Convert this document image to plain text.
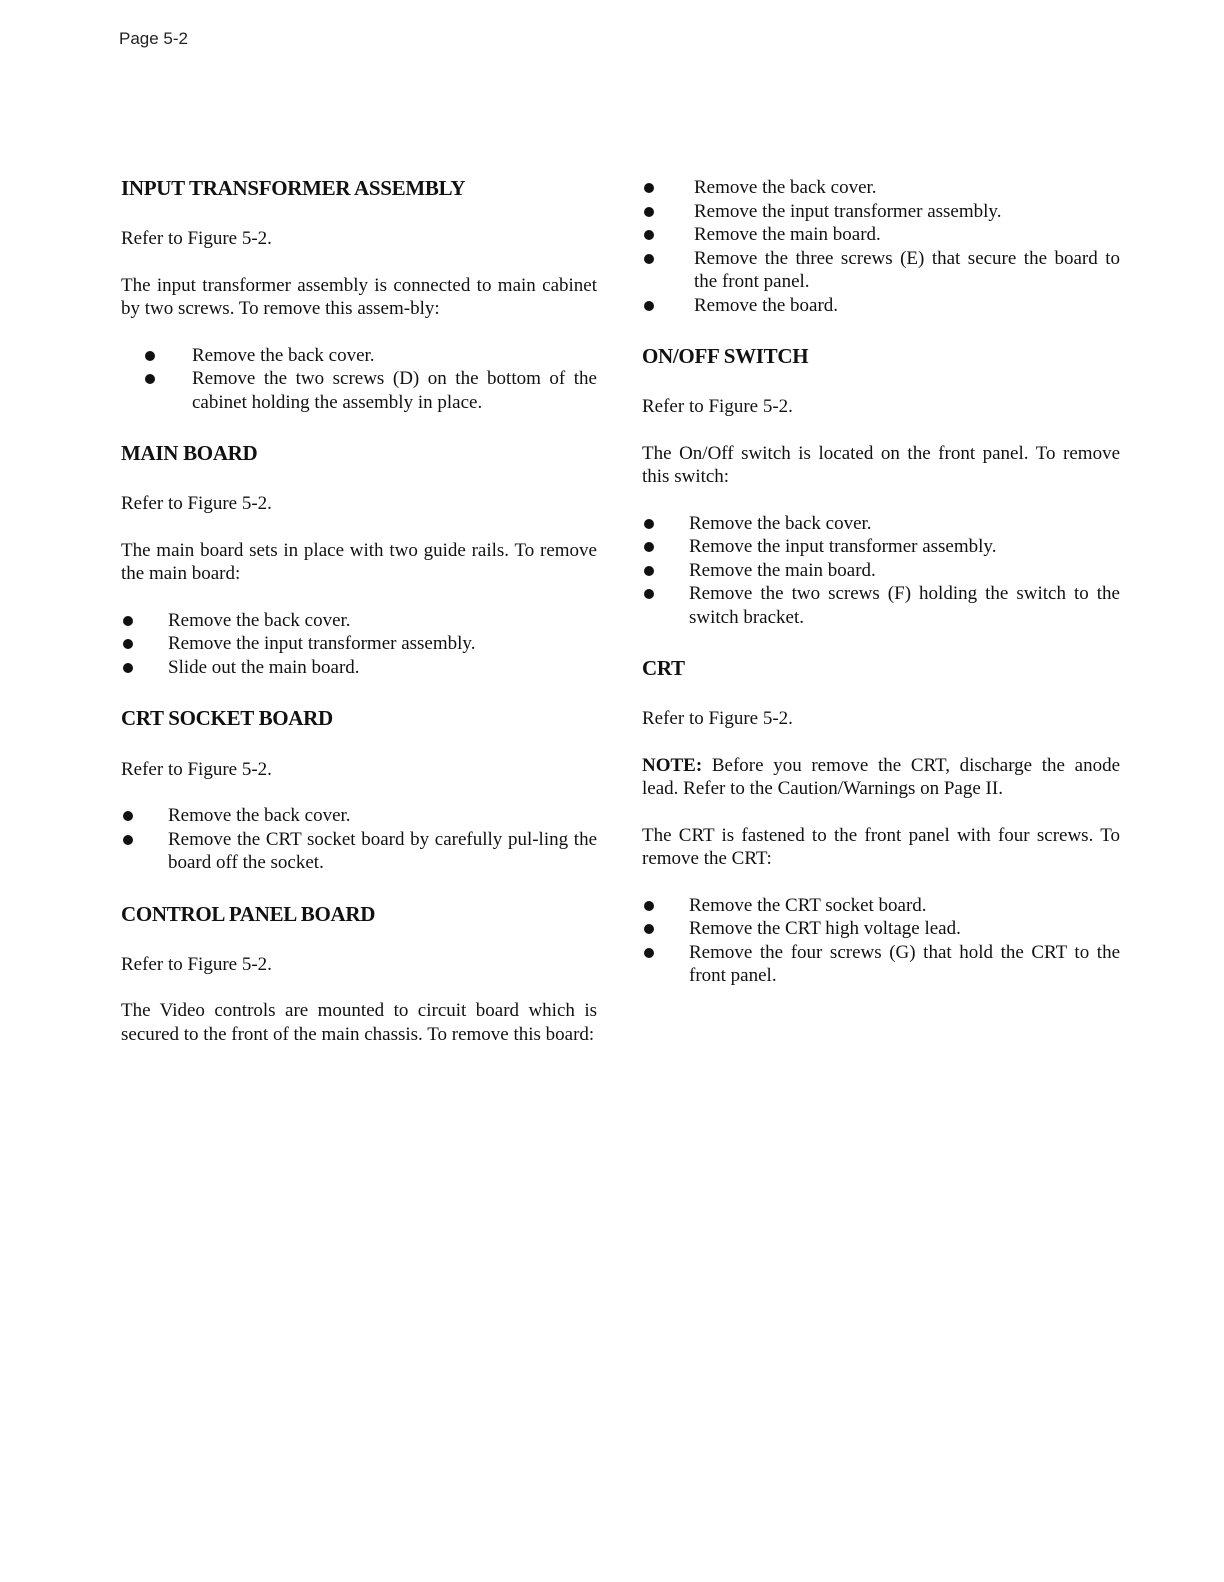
Page 5-2
INPUT TRANSFORMER ASSEMBLY

Refer to Figure 5-2.

The input transformer assembly is connected to main cabinet by two screws. To remove this assem-bly:

Remove the back cover.
Remove the two screws (D) on the bottom of the cabinet holding the assembly in place.
MAIN BOARD

Refer to Figure 5-2.

The main board sets in place with two guide rails. To remove the main board:

Remove the back cover.
Remove the input transformer assembly.
Slide out the main board.
CRT SOCKET BOARD

Refer to Figure 5-2.

Remove the back cover.
Remove the CRT socket board by carefully pul-ling the board off the socket.
CONTROL PANEL BOARD

Refer to Figure 5-2.

The Video controls are mounted to circuit board which is secured to the front of the main chassis. To remove this board:

Remove the back cover.
Remove the input transformer assembly.
Remove the main board.
Remove the three screws (E) that secure the board to the front panel.
Remove the board.
ON/OFF SWITCH

Refer to Figure 5-2.

The On/Off switch is located on the front panel. To remove this switch:

Remove the back cover.
Remove the input transformer assembly.
Remove the main board.
Remove the two screws (F) holding the switch to the switch bracket.
CRT

Refer to Figure 5-2.

NOTE: Before you remove the CRT, discharge the anode lead. Refer to the Caution/Warnings on Page II.

The CRT is fastened to the front panel with four screws. To remove the CRT:

Remove the CRT socket board.
Remove the CRT high voltage lead.
Remove the four screws (G) that hold the CRT to the front panel.
